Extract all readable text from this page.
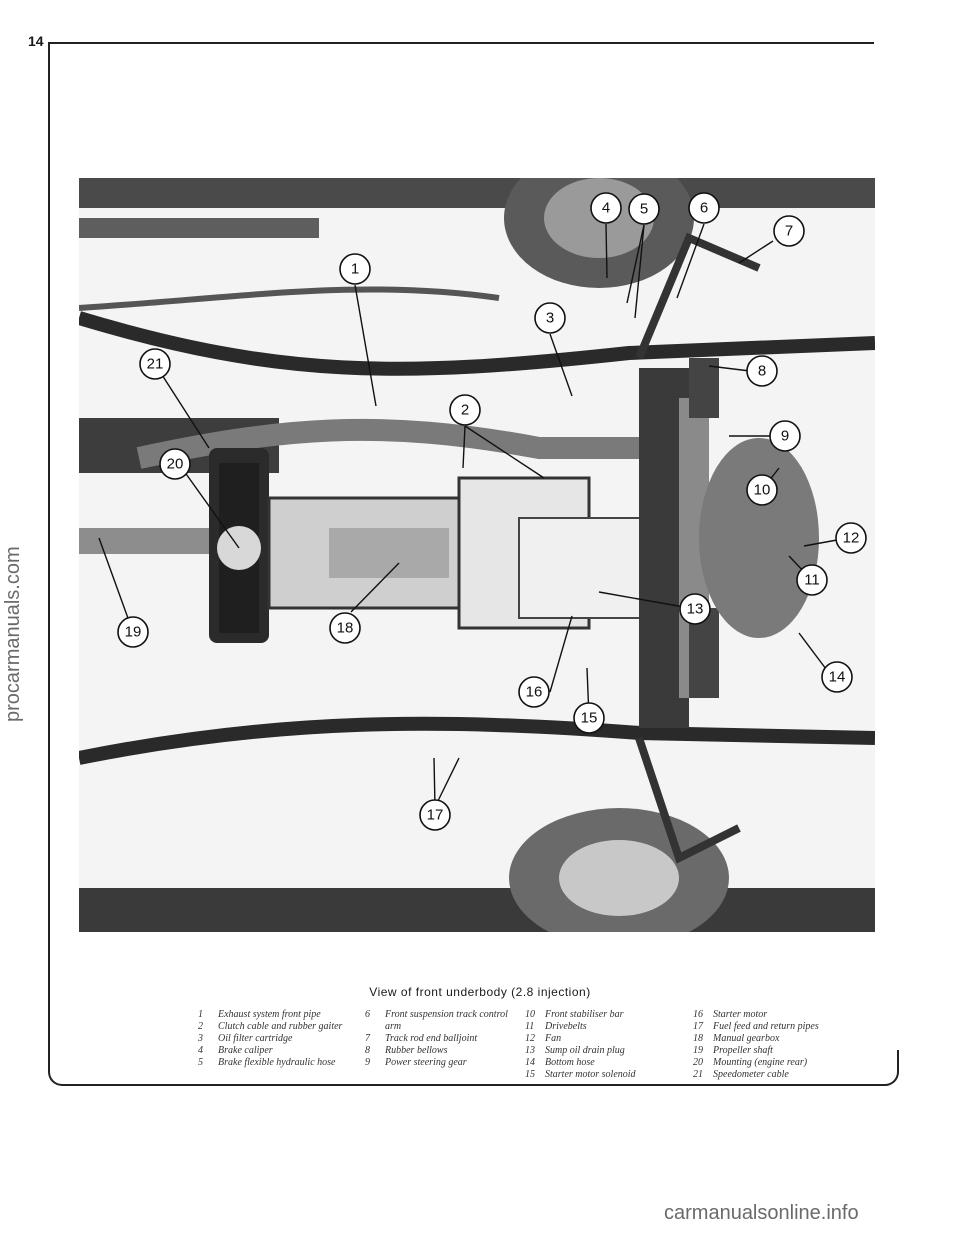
14
procarmanuals.com
carmanualsonline.info
1
2
3
4 5	6
7
8
9
10
11
12
13
14
15
16
17
18
19
20
21
View of front underbody (2.8 injection)
1	Exhaust system front pipe
2	Clutch cable and rubber gaiter
3	Oil filter cartridge
4	Brake caliper
5	Brake flexible hydraulic hose
6	Front suspension track control arm
7	Track rod end balljoint
8	Rubber bellows
9	Power steering gear
10	Front stabiliser bar
11	Drivebelts
12	Fan
13	Sump oil drain plug
14	Bottom hose
15	Starter motor solenoid
16	Starter motor
17	Fuel feed and return pipes
18	Manual gearbox
19	Propeller shaft
20	Mounting (engine rear)
21	Speedometer cable
